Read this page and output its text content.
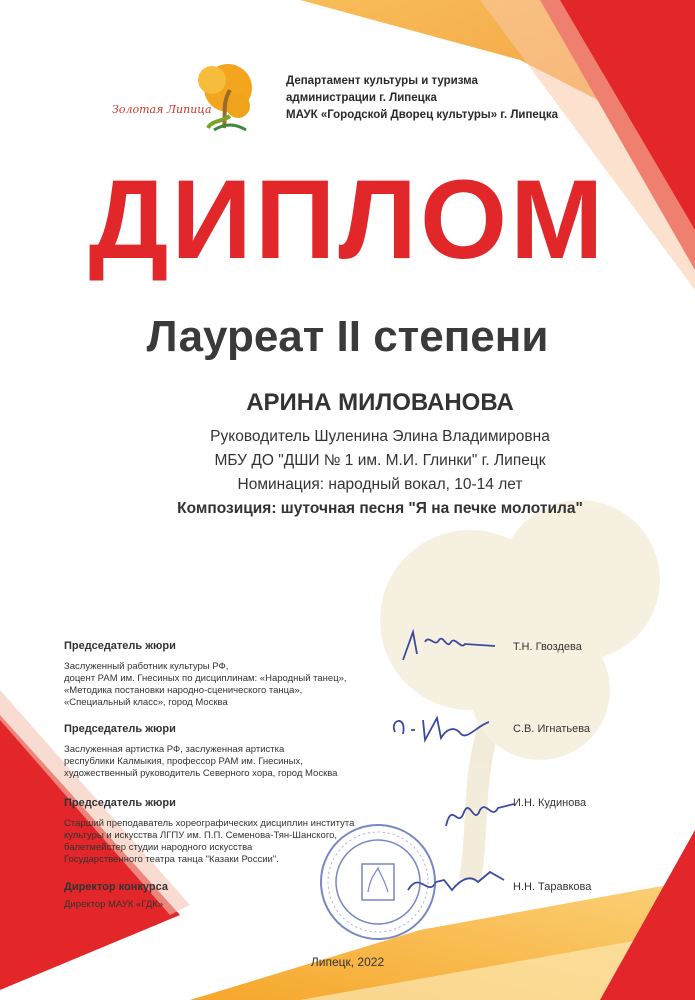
Золотая Липица
Департамент культуры и туризма
администрации г. Липецка
МАУК «Городской Дворец культуры» г. Липецка
ДИПЛОМ
Лауреат II степени
АРИНА МИЛОВАНОВА
Руководитель Шуленина Элина Владимировна
МБУ ДО "ДШИ № 1 им. М.И. Глинки" г. Липецк
Номинация: народный вокал, 10-14 лет
Композиция: шуточная песня "Я на печке молотила"
Председатель жюри
Заслуженный работник культуры РФ,
доцент РАМ им. Гнесиных по дисциплинам: «Народный танец»,
«Методика постановки народно-сценического танца»,
«Специальный класс», город Москва
Т.Н. Гвоздева
Председатель жюри
Заслуженная артистка РФ, заслуженная артистка
республики Калмыкия, профессор РАМ им. Гнесиных,
художественный руководитель Северного хора, город Москва
С.В. Игнатьева
Председатель жюри
Старший преподаватель хореографических дисциплин института
культуры и искусства ЛГПУ им. П.П. Семенова-Тян-Шанского,
балетмейстер студии народного искусства
Государственного театра танца "Казаки России".
И.Н. Кудинова
Директор конкурса
Директор МАУК «ГДК»
Н.Н. Таравкова
Липецк, 2022
